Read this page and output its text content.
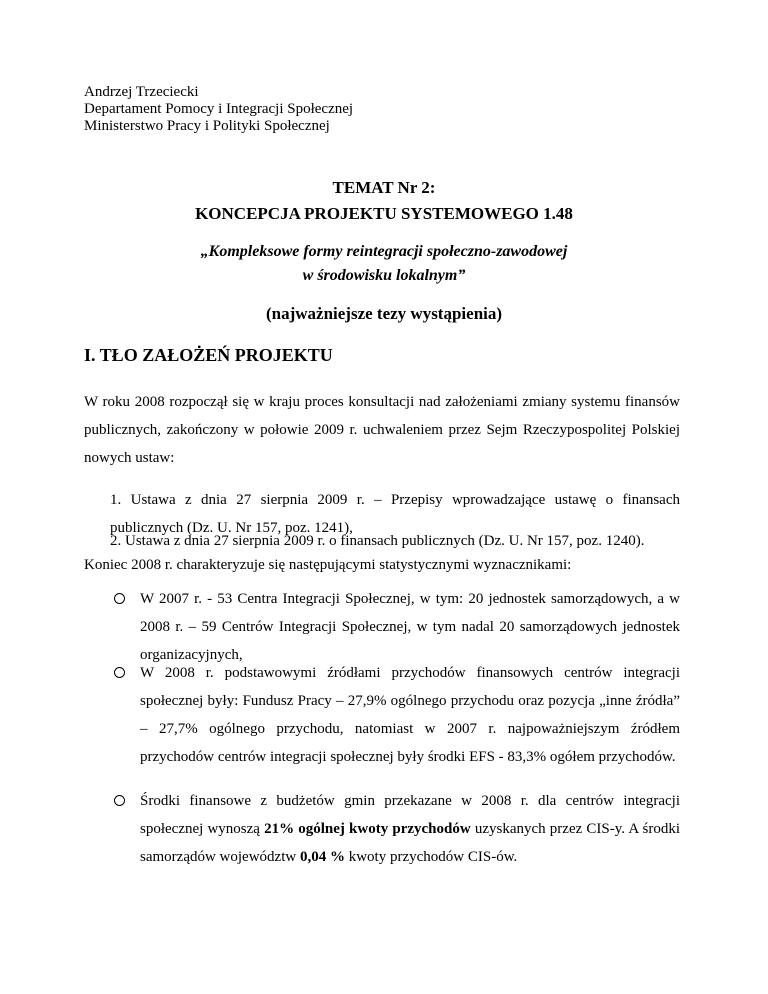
Andrzej Trzeciecki
Departament Pomocy i Integracji Społecznej
Ministerstwo Pracy i Polityki Społecznej
TEMAT Nr 2:
KONCEPCJA PROJEKTU SYSTEMOWEGO 1.48
„Kompleksowe formy reintegracji społeczno-zawodowej
w środowisku lokalnym”
(najważniejsze tezy wystąpienia)
I. TŁO ZAŁOŻEŃ PROJEKTU
W roku 2008 rozpoczął się w kraju proces konsultacji nad założeniami zmiany systemu finansów publicznych, zakończony w połowie 2009 r. uchwaleniem przez Sejm Rzeczypospolitej Polskiej nowych ustaw:
1. Ustawa z dnia 27 sierpnia 2009 r. – Przepisy wprowadzające ustawę o finansach publicznych (Dz. U. Nr 157, poz. 1241),
2. Ustawa z dnia 27 sierpnia 2009 r. o finansach publicznych (Dz. U. Nr 157, poz. 1240).
Koniec 2008 r. charakteryzuje się następującymi statystycznymi wyznacznikami:
W 2007 r. - 53 Centra Integracji Społecznej, w tym: 20 jednostek samorządowych, a w 2008 r. – 59 Centrów Integracji Społecznej, w tym nadal 20 samorządowych jednostek organizacyjnych,
W 2008 r. podstawowymi źródłami przychodów finansowych centrów integracji społecznej były: Fundusz Pracy – 27,9% ogólnego przychodu oraz pozycja „inne źródła” – 27,7% ogólnego przychodu, natomiast w 2007 r. najpoważniejszym źródłem przychodów centrów integracji społecznej były środki EFS - 83,3% ogółem przychodów.
Środki finansowe z budżetów gmin przekazane w 2008 r. dla centrów integracji społecznej wynoszą 21% ogólnej kwoty przychodów uzyskanych przez CIS-y. A środki samorządów województw 0,04 % kwoty przychodów CIS-ów.
